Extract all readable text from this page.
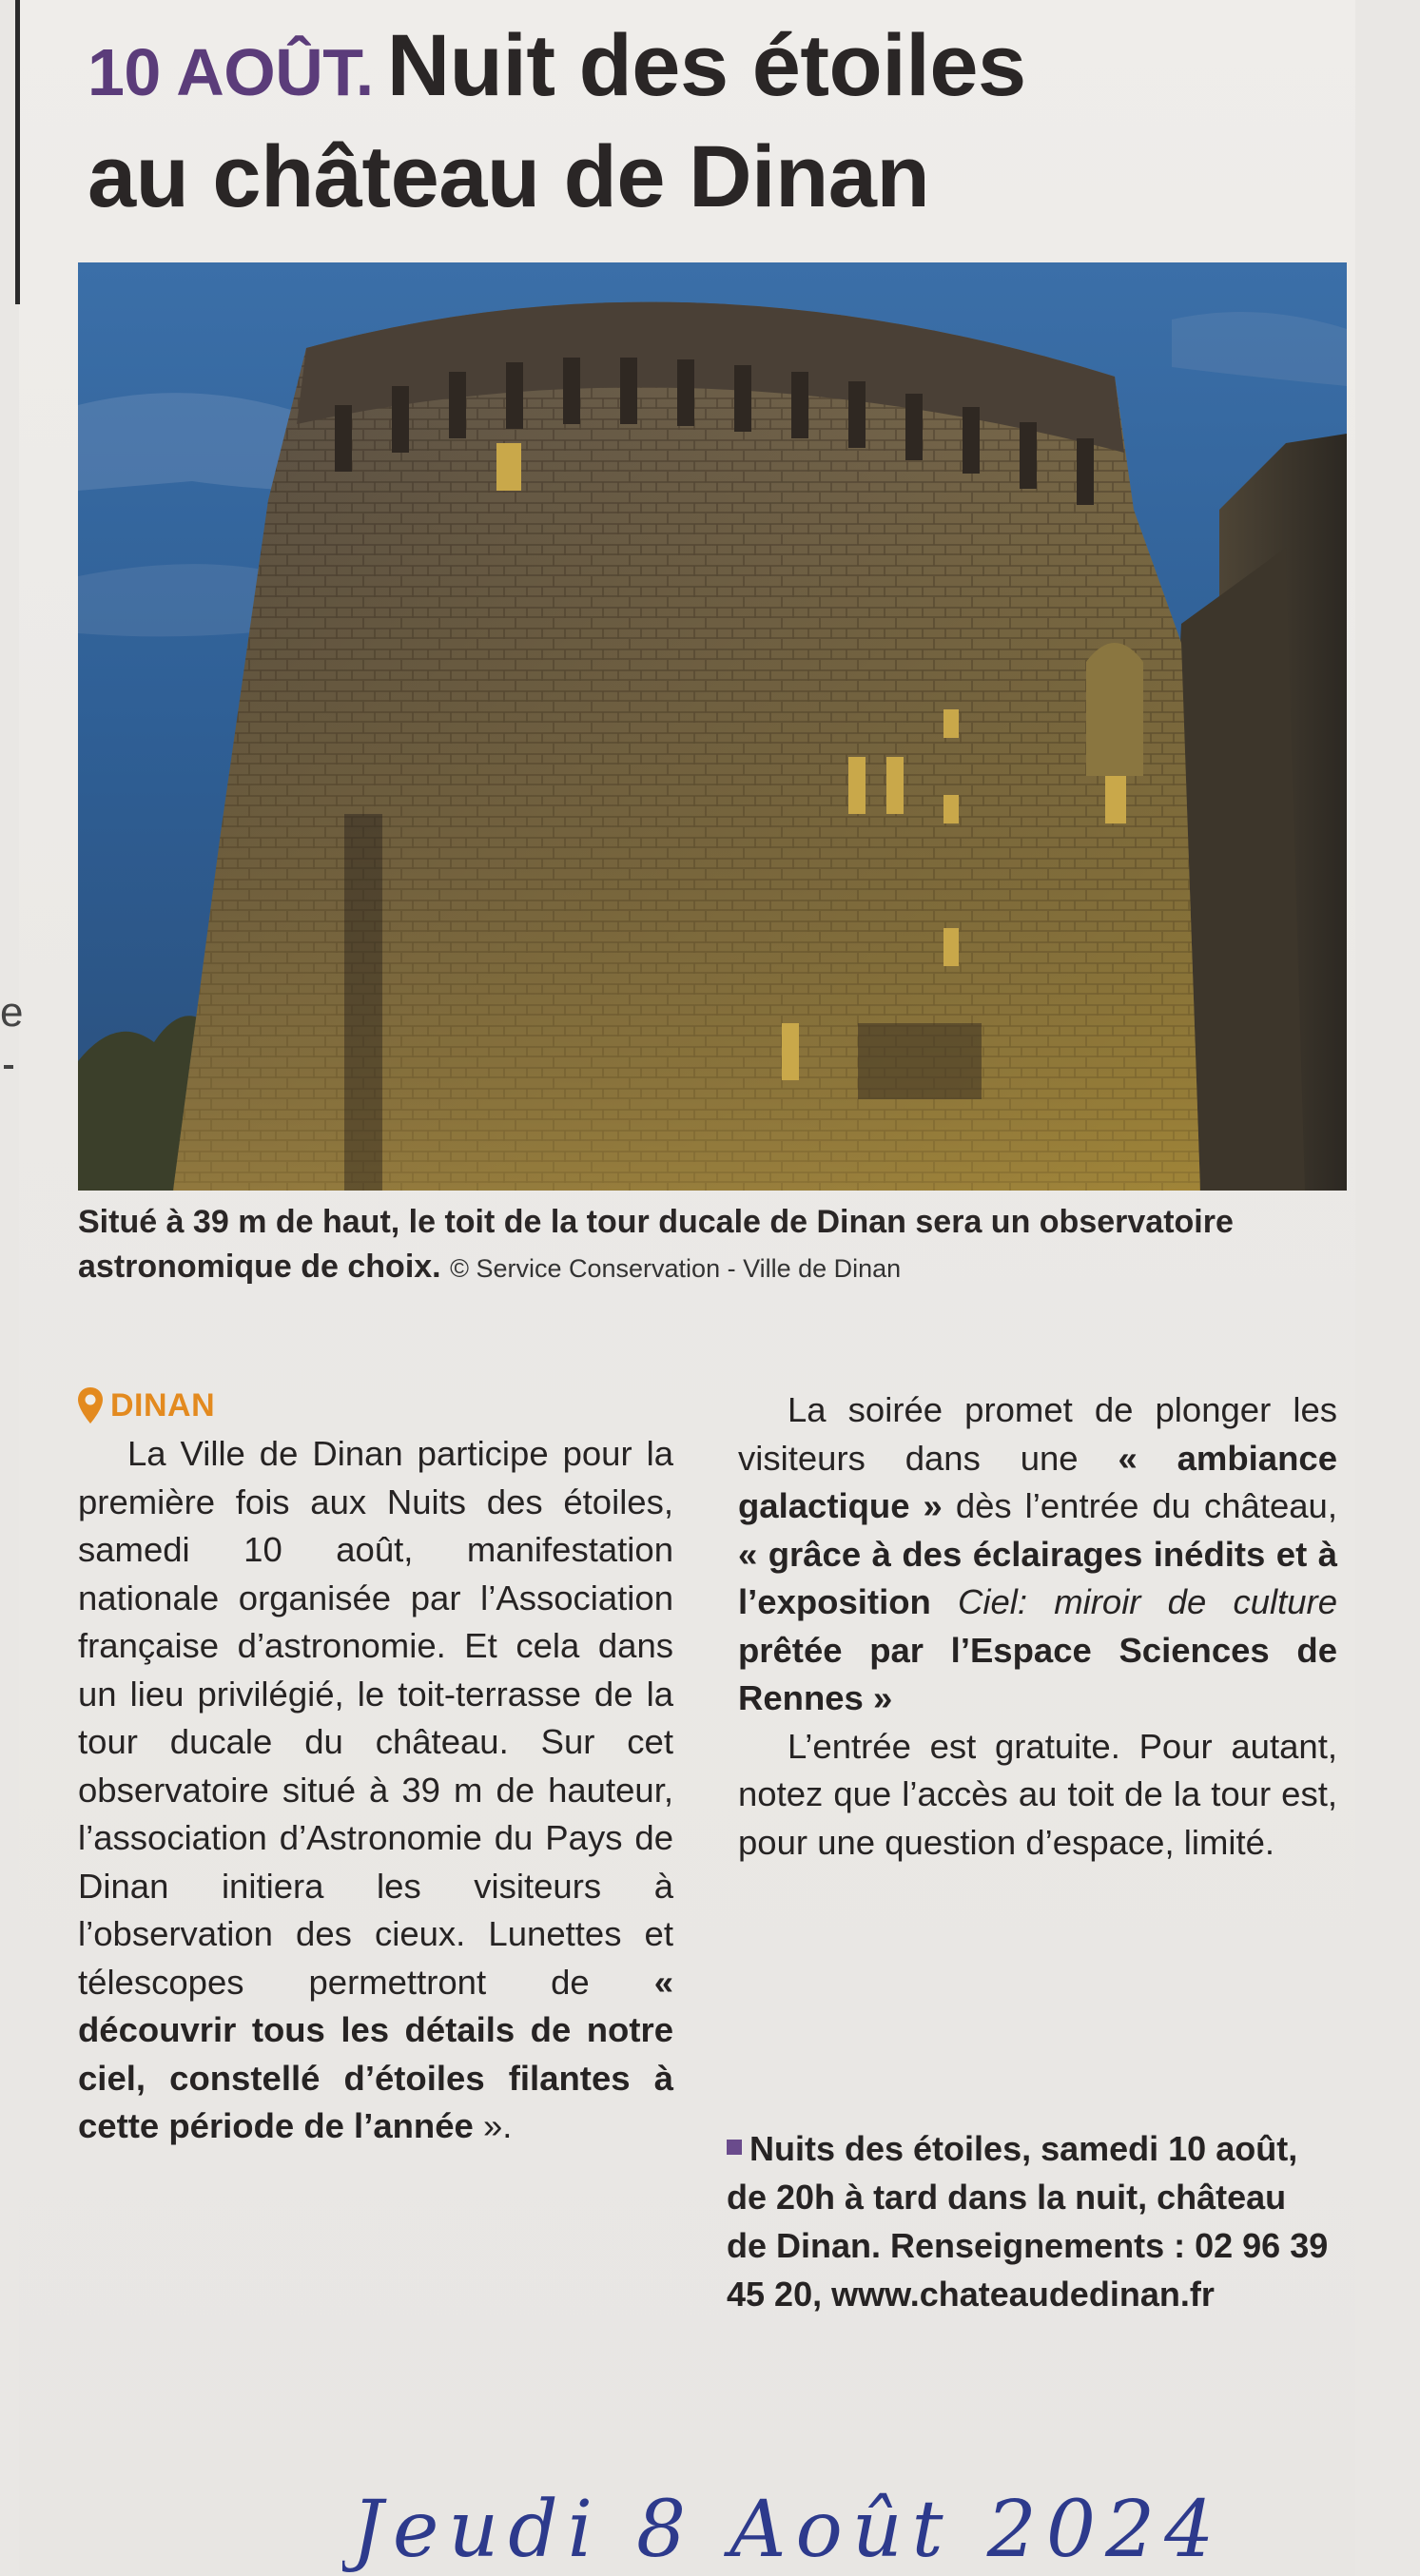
e
10 AOÛT. Nuit des étoiles
au château de Dinan
Situé à 39 m de haut, le toit de la tour ducale de Dinan sera un observatoire astronomique de choix. © Service Conservation - Ville de Dinan

La Ville de Dinan participe pour la première fois aux Nuits des étoiles, samedi 10 août, manifestation nationale organisée par l’Association française d’astronomie. Et cela dans un lieu privilégié, le toit-terrasse de la tour ducale du château. Sur cet observatoire situé à 39 m de hauteur, l’association d’Astronomie du Pays de Dinan initiera les visiteurs à l’observation des cieux. Lunettes et télescopes permettront de « découvrir tous les détails de notre ciel, constellé d’étoiles filantes à cette période de l’année ».

DINAN	La soirée promet de plonger les visiteurs dans une « ambiance galactique » dès l’entrée du château, « grâce à des éclairages inédits et à l’exposition Ciel: miroir de culture prêtée par l’Espace Sciences de Rennes »

L’entrée est gratuite. Pour autant, notez que l’accès au toit de la tour est, pour une question d’espace, limité.

Nuits des étoiles, samedi 10 août, de 20h à tard dans la nuit, château de Dinan. Renseignements : 02 96 39 45 20, www.chateaudedinan.fr
Jeudi 8 Août 2024
